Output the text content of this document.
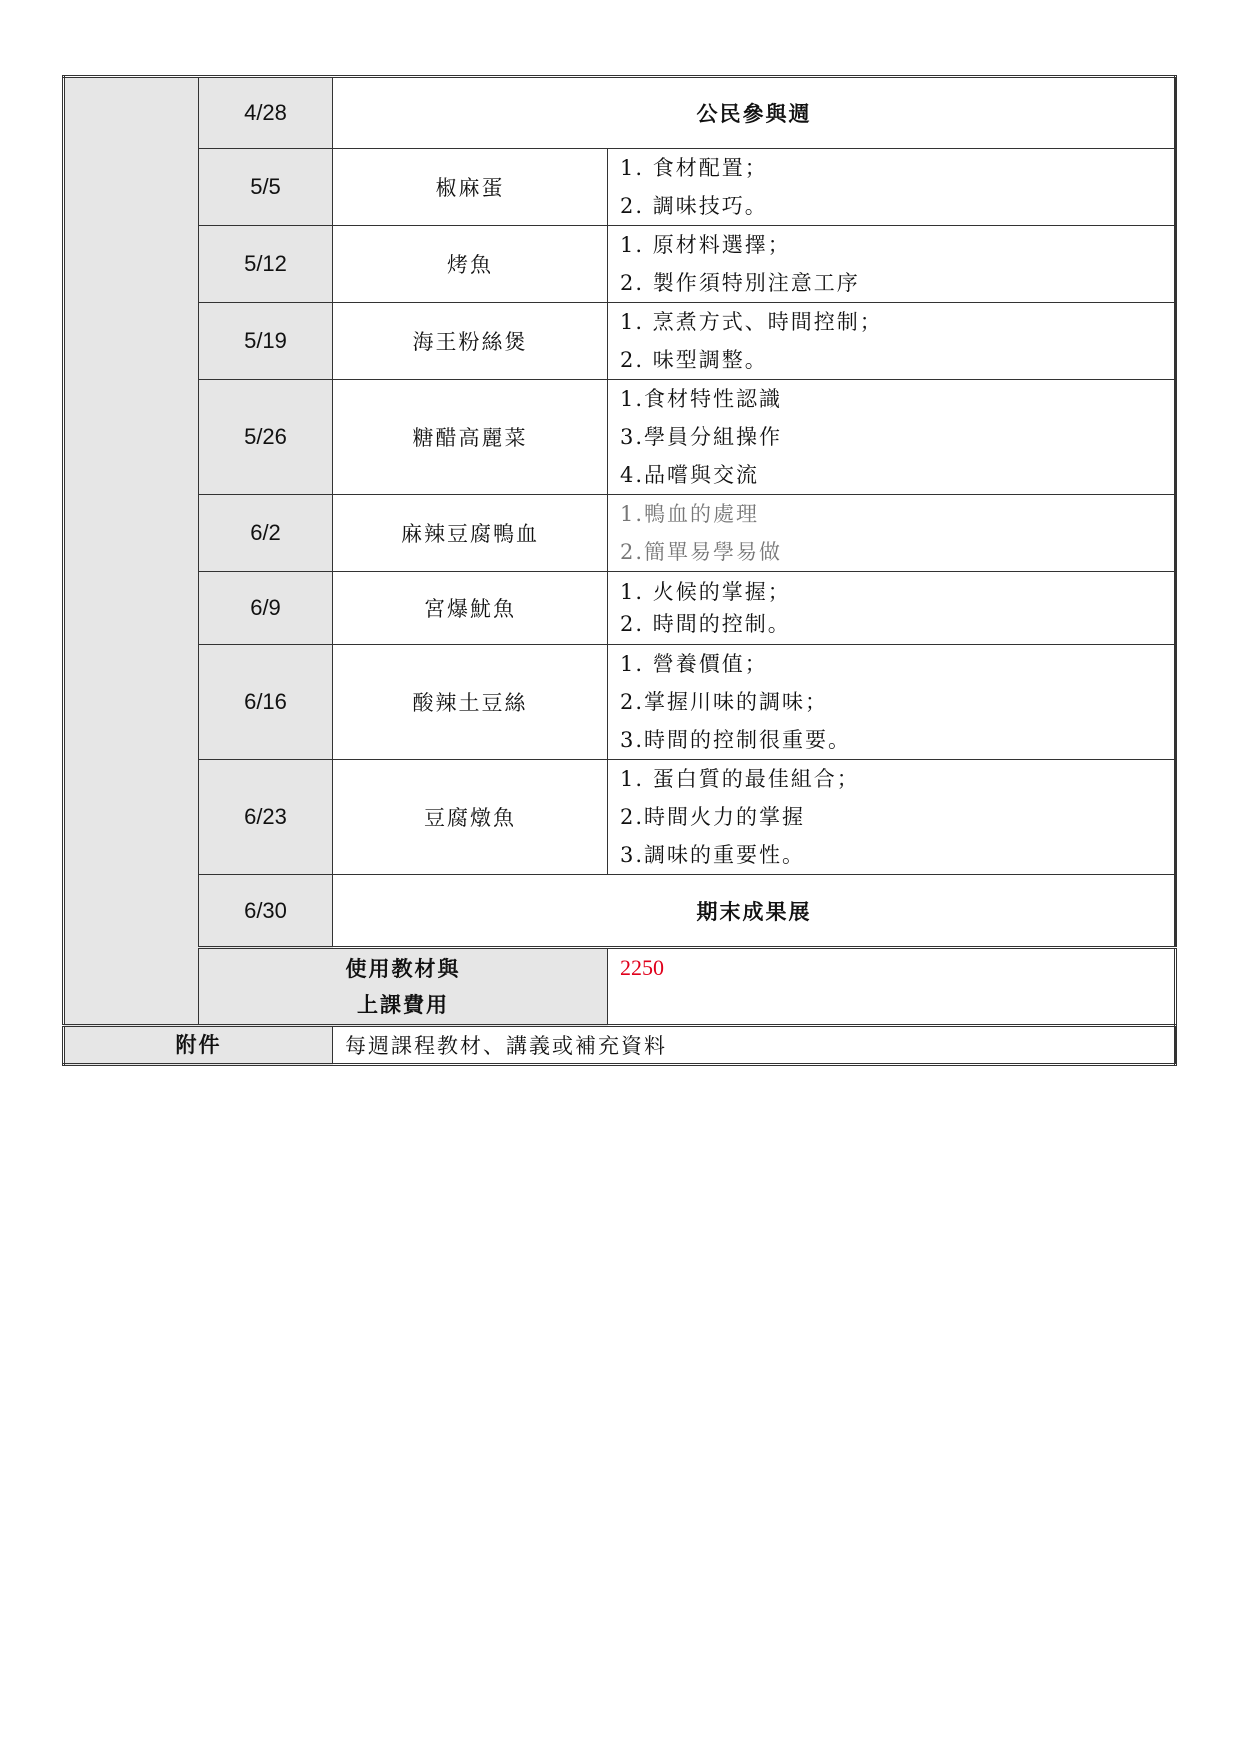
	4/28	公民參與週	
	5/5	椒麻蛋	1. 食材配置；
2. 調味技巧。

	5/12	烤魚	1. 原材料選擇；
2. 製作須特別注意工序

	5/19	海王粉絲煲	1. 烹煮方式、時間控制；
2. 味型調整。

	5/26	糖醋高麗菜	1.食材特性認識
3.學員分組操作
4.品嚐與交流

	6/2	麻辣豆腐鴨血	1.鴨血的處理
2.簡單易學易做

	6/9	宮爆魷魚	1. 火候的掌握；
2. 時間的控制。

	6/16	酸辣土豆絲	1. 營養價值；
2.掌握川味的調味；
3.時間的控制很重要。

	6/23	豆腐燉魚	1. 蛋白質的最佳組合；
2.時間火力的掌握
3.調味的重要性。

	6/30	期末成果展	

	使用教材與
上課費用		2250
附件		每週課程教材、講義或補充資料	
